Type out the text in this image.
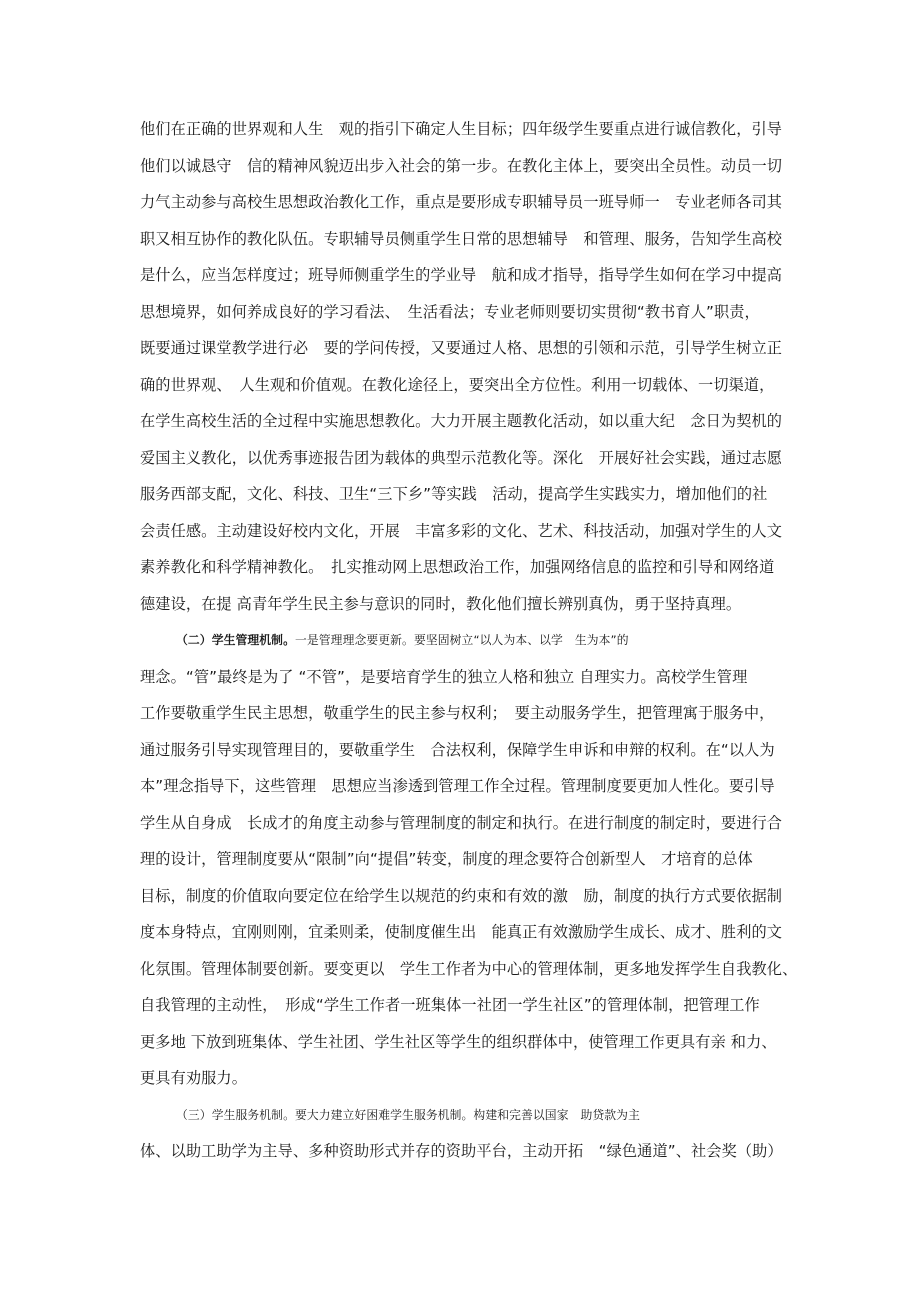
他们在正确的世界观和人生　观的指引下确定人生目标；四年级学生要重点进行诚信教化，引导
他们以诚恳守　信的精神风貌迈出步入社会的第一步。在教化主体上，要突出全员性。动员一切
力气主动参与高校生思想政治教化工作，重点是要形成专职辅导员一班导师一　专业老师各司其
职又相互协作的教化队伍。专职辅导员侧重学生日常的思想辅导　和管理、服务，告知学生高校
是什么，应当怎样度过；班导师侧重学生的学业导　航和成才指导，指导学生如何在学习中提高
思想境界，如何养成良好的学习看法、　生活看法；专业老师则要切实贯彻“教书育人”职责，
既要通过课堂教学进行必　要的学问传授，又要通过人格、思想的引领和示范，引导学生树立正
确的世界观、　人生观和价值观。在教化途径上，要突出全方位性。利用一切载体、一切渠道，
在学生高校生活的全过程中实施思想教化。大力开展主题教化活动，如以重大纪　念日为契机的
爱国主义教化，以优秀事迹报告团为载体的典型示范教化等。深化　开展好社会实践，通过志愿
服务西部支配，文化、科技、卫生“三下乡”等实践　活动，提高学生实践实力，增加他们的社
会责任感。主动建设好校内文化，开展　丰富多彩的文化、艺术、科技活动，加强对学生的人文
素养教化和科学精神教化。　扎实推动网上思想政治工作，加强网络信息的监控和引导和网络道
德建设，在提 高青年学生民主参与意识的同时，教化他们擅长辨别真伪，勇于坚持真理。
（二）学生管理机制。一是管理理念要更新。要坚固树立“以人为本、以学　生为本”的
理念。“管”最终是为了 “不管”，是要培育学生的独立人格和独立 自理实力。高校学生管理
工作要敬重学生民主思想，敬重学生的民主参与权利；　要主动服务学生，把管理寓于服务中，
通过服务引导实现管理目的，要敬重学生　合法权利，保障学生申诉和申辩的权利。在“以人为
本”理念指导下，这些管理　思想应当渗透到管理工作全过程。管理制度要更加人性化。要引导
学生从自身成　长成才的角度主动参与管理制度的制定和执行。在进行制度的制定时，要进行合
理的设计，管理制度要从“限制”向“提倡”转变，制度的理念要符合创新型人　才培育的总体
目标，制度的价值取向要定位在给学生以规范的约束和有效的激　励，制度的执行方式要依据制
度本身特点，宜刚则刚，宜柔则柔，使制度催生出　能真正有效激励学生成长、成才、胜利的文
化氛围。管理体制要创新。要变更以　学生工作者为中心的管理体制，更多地发挥学生自我教化、
自我管理的主动性，　形成“学生工作者一班集体一社团一学生社区”的管理体制，把管理工作
更多地 下放到班集体、学生社团、学生社区等学生的组织群体中，使管理工作更具有亲 和力、
更具有劝服力。
（三）学生服务机制。要大力建立好困难学生服务机制。构建和完善以国家　助贷款为主
体、以助工助学为主导、多种资助形式并存的资助平台，主动开拓　“绿色通道”、社会奖（助）
